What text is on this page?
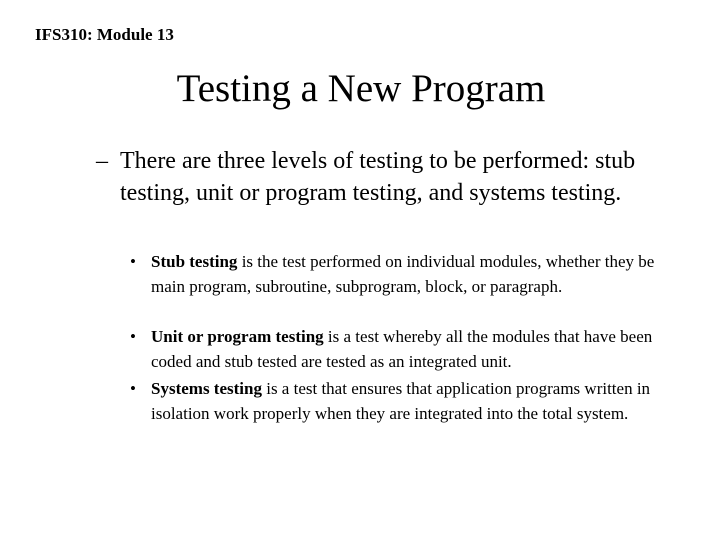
IFS310: Module 13
Testing a New Program
– There are three levels of testing to be performed: stub testing, unit or program testing, and systems testing.
• Stub testing is the test performed on individual modules, whether they be main program, subroutine, subprogram, block, or paragraph.
• Unit or program testing is a test whereby all the modules that have been coded and stub tested are tested as an integrated unit.
• Systems testing is a test that ensures that application programs written in isolation work properly when they are integrated into the total system.
